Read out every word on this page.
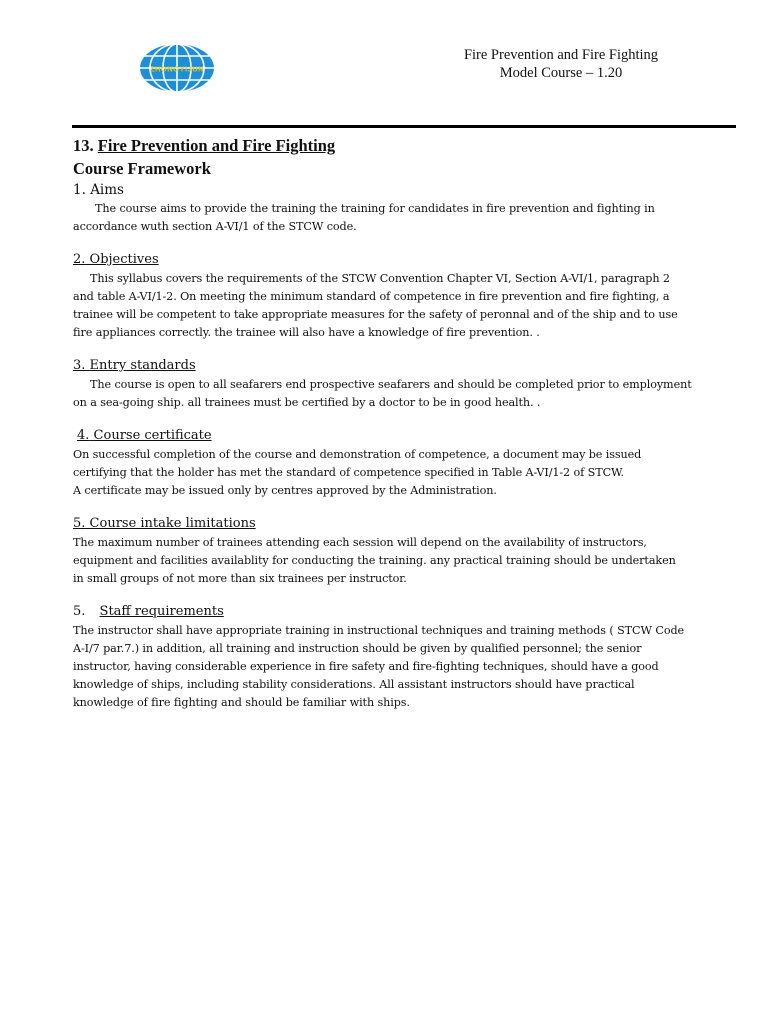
ZHONGYIJUN
Fire Prevention and Fire Fighting
Model Course – 1.20
13. Fire Prevention and Fire Fighting
Course Framework
1. Aims
The course aims to provide the training the training for candidates in fire prevention and fighting in
accordance wuth section A-VI/1 of the STCW code.
2. Objectives
This syllabus covers the requirements of the STCW Convention Chapter VI, Section A-VI/1, paragraph 2
and table A-VI/1-2. On meeting the minimum standard of competence in fire prevention and fire fighting, a
trainee will be competent to take appropriate measures for the safety of peronnal and of the ship and to use
fire appliances correctly. the trainee will also have a knowledge of fire prevention. .
3. Entry standards
The course is open to all seafarers end prospective seafarers and should be completed prior to employment
on a sea-going ship. all trainees must be certified by a doctor to be in good health. .
4. Course certificate
On successful completion of the course and demonstration of competence, a document may be issued
certifying that the holder has met the standard of competence specified in Table A-VI/1-2 of STCW.
A certificate may be issued only by centres approved by the Administration.
5. Course intake limitations
The maximum number of trainees attending each session will depend on the availability of instructors,
equipment and facilities availablity for conducting the training. any practical training should be undertaken
in small groups of not more than six trainees per instructor.
5. Staff requirements
The instructor shall have appropriate training in instructional techniques and training methods ( STCW Code
A-I/7 par.7.) in addition, all training and instruction should be given by qualified personnel; the senior
instructor, having considerable experience in fire safety and fire-fighting techniques, should have a good
knowledge of ships, including stability considerations. All assistant instructors should have practical
knowledge of fire fighting and should be familiar with ships.
